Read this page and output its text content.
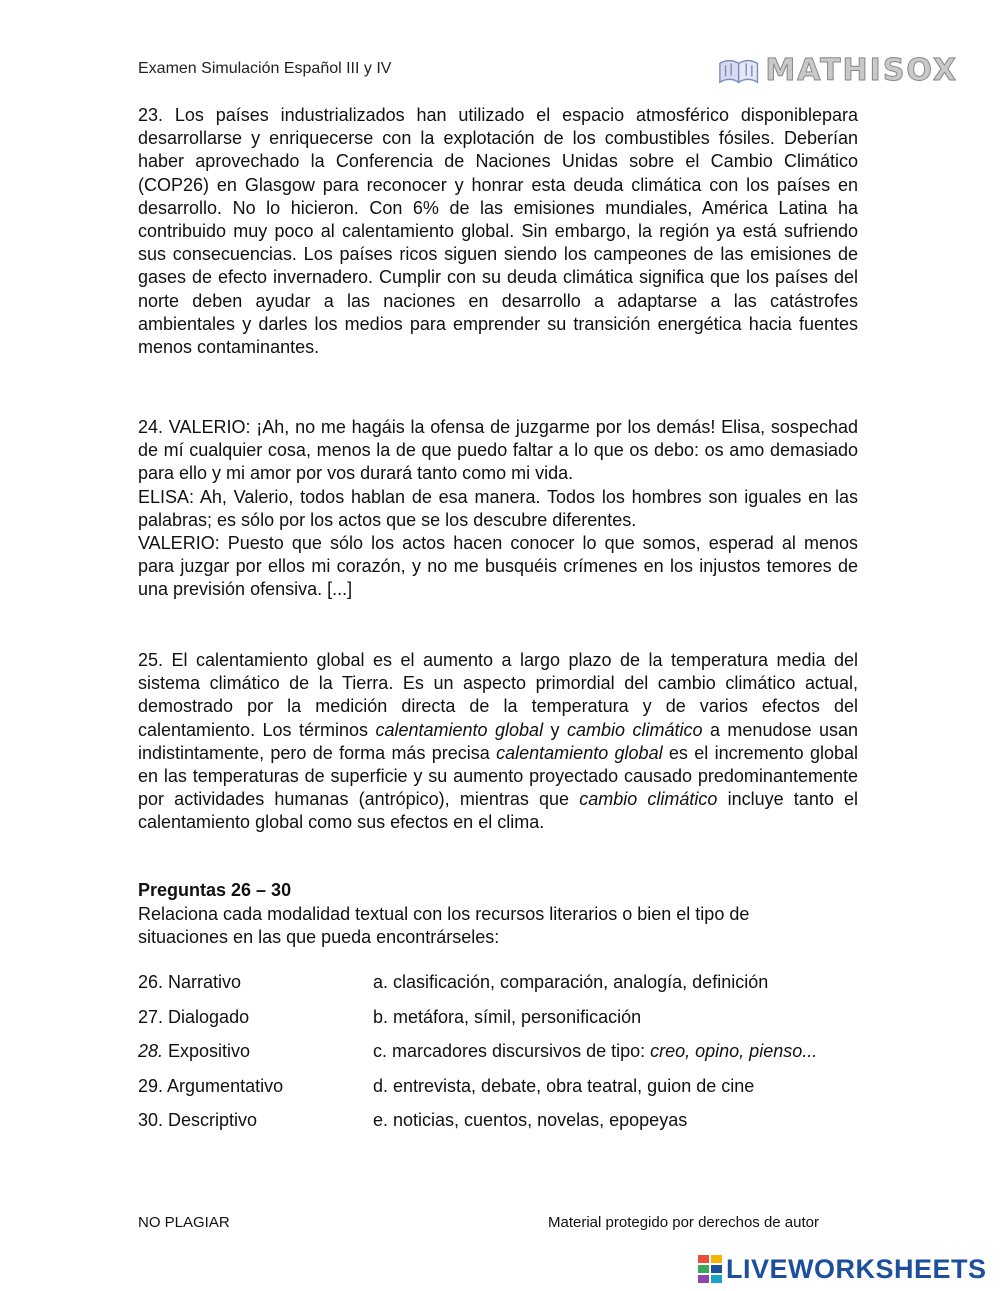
Examen Simulación Español III y IV	MATHISOX

23. Los países industrializados han utilizado el espacio atmosférico disponiblepara desarrollarse y enriquecerse con la explotación de los combustibles fósiles. Deberían haber aprovechado la Conferencia de Naciones Unidas sobre el Cambio Climático (COP26) en Glasgow para reconocer y honrar esta deuda climática con los países en desarrollo. No lo hicieron. Con 6% de las emisiones mundiales, América Latina ha contribuido muy poco al calentamiento global. Sin embargo, la región ya está sufriendo sus consecuencias. Los países ricos siguen siendo los campeones de las emisiones de gases de efecto invernadero. Cumplir con su deuda climática significa que los países del norte deben ayudar a las naciones en desarrollo a adaptarse a las catástrofes ambientales y darles los medios para emprender su transición energética hacia fuentes menos contaminantes.

24. VALERIO: ¡Ah, no me hagáis la ofensa de juzgarme por los demás! Elisa, sospechad de mí cualquier cosa, menos la de que puedo faltar a lo que os debo: os amo demasiado para ello y mi amor por vos durará tanto como mi vida.

ELISA: Ah, Valerio, todos hablan de esa manera. Todos los hombres son iguales en las palabras; es sólo por los actos que se los descubre diferentes.

VALERIO: Puesto que sólo los actos hacen conocer lo que somos, esperad al menos para juzgar por ellos mi corazón, y no me busquéis crímenes en los injustos temores de una previsión ofensiva. [...]

25. El calentamiento global es el aumento a largo plazo de la temperatura media del sistema climático de la Tierra. Es un aspecto primordial del cambio climático actual, demostrado por la medición directa de la temperatura y de varios efectos del calentamiento. Los términos calentamiento global y cambio climático a menudose usan indistintamente, pero de forma más precisa calentamiento global es el incremento global en las temperaturas de superficie y su aumento proyectado causado predominantemente por actividades humanas (antrópico), mientras que cambio climático incluye tanto el calentamiento global como sus efectos en el clima.

Preguntas 26 – 30
Relaciona cada modalidad textual con los recursos literarios o bien el tipo de situaciones en las que pueda encontrárseles:
26. Narrativo	a. clasificación, comparación, analogía, definición
27. Dialogado	b. metáfora, símil, personificación
28. Expositivo	c. marcadores discursivos de tipo: creo, opino, pienso...
29. Argumentativo	d. entrevista, debate, obra teatral, guion de cine
30. Descriptivo	e. noticias, cuentos, novelas, epopeyas
NO PLAGIAR	Material protegido por derechos de autor
LIVEWORKSHEETS
